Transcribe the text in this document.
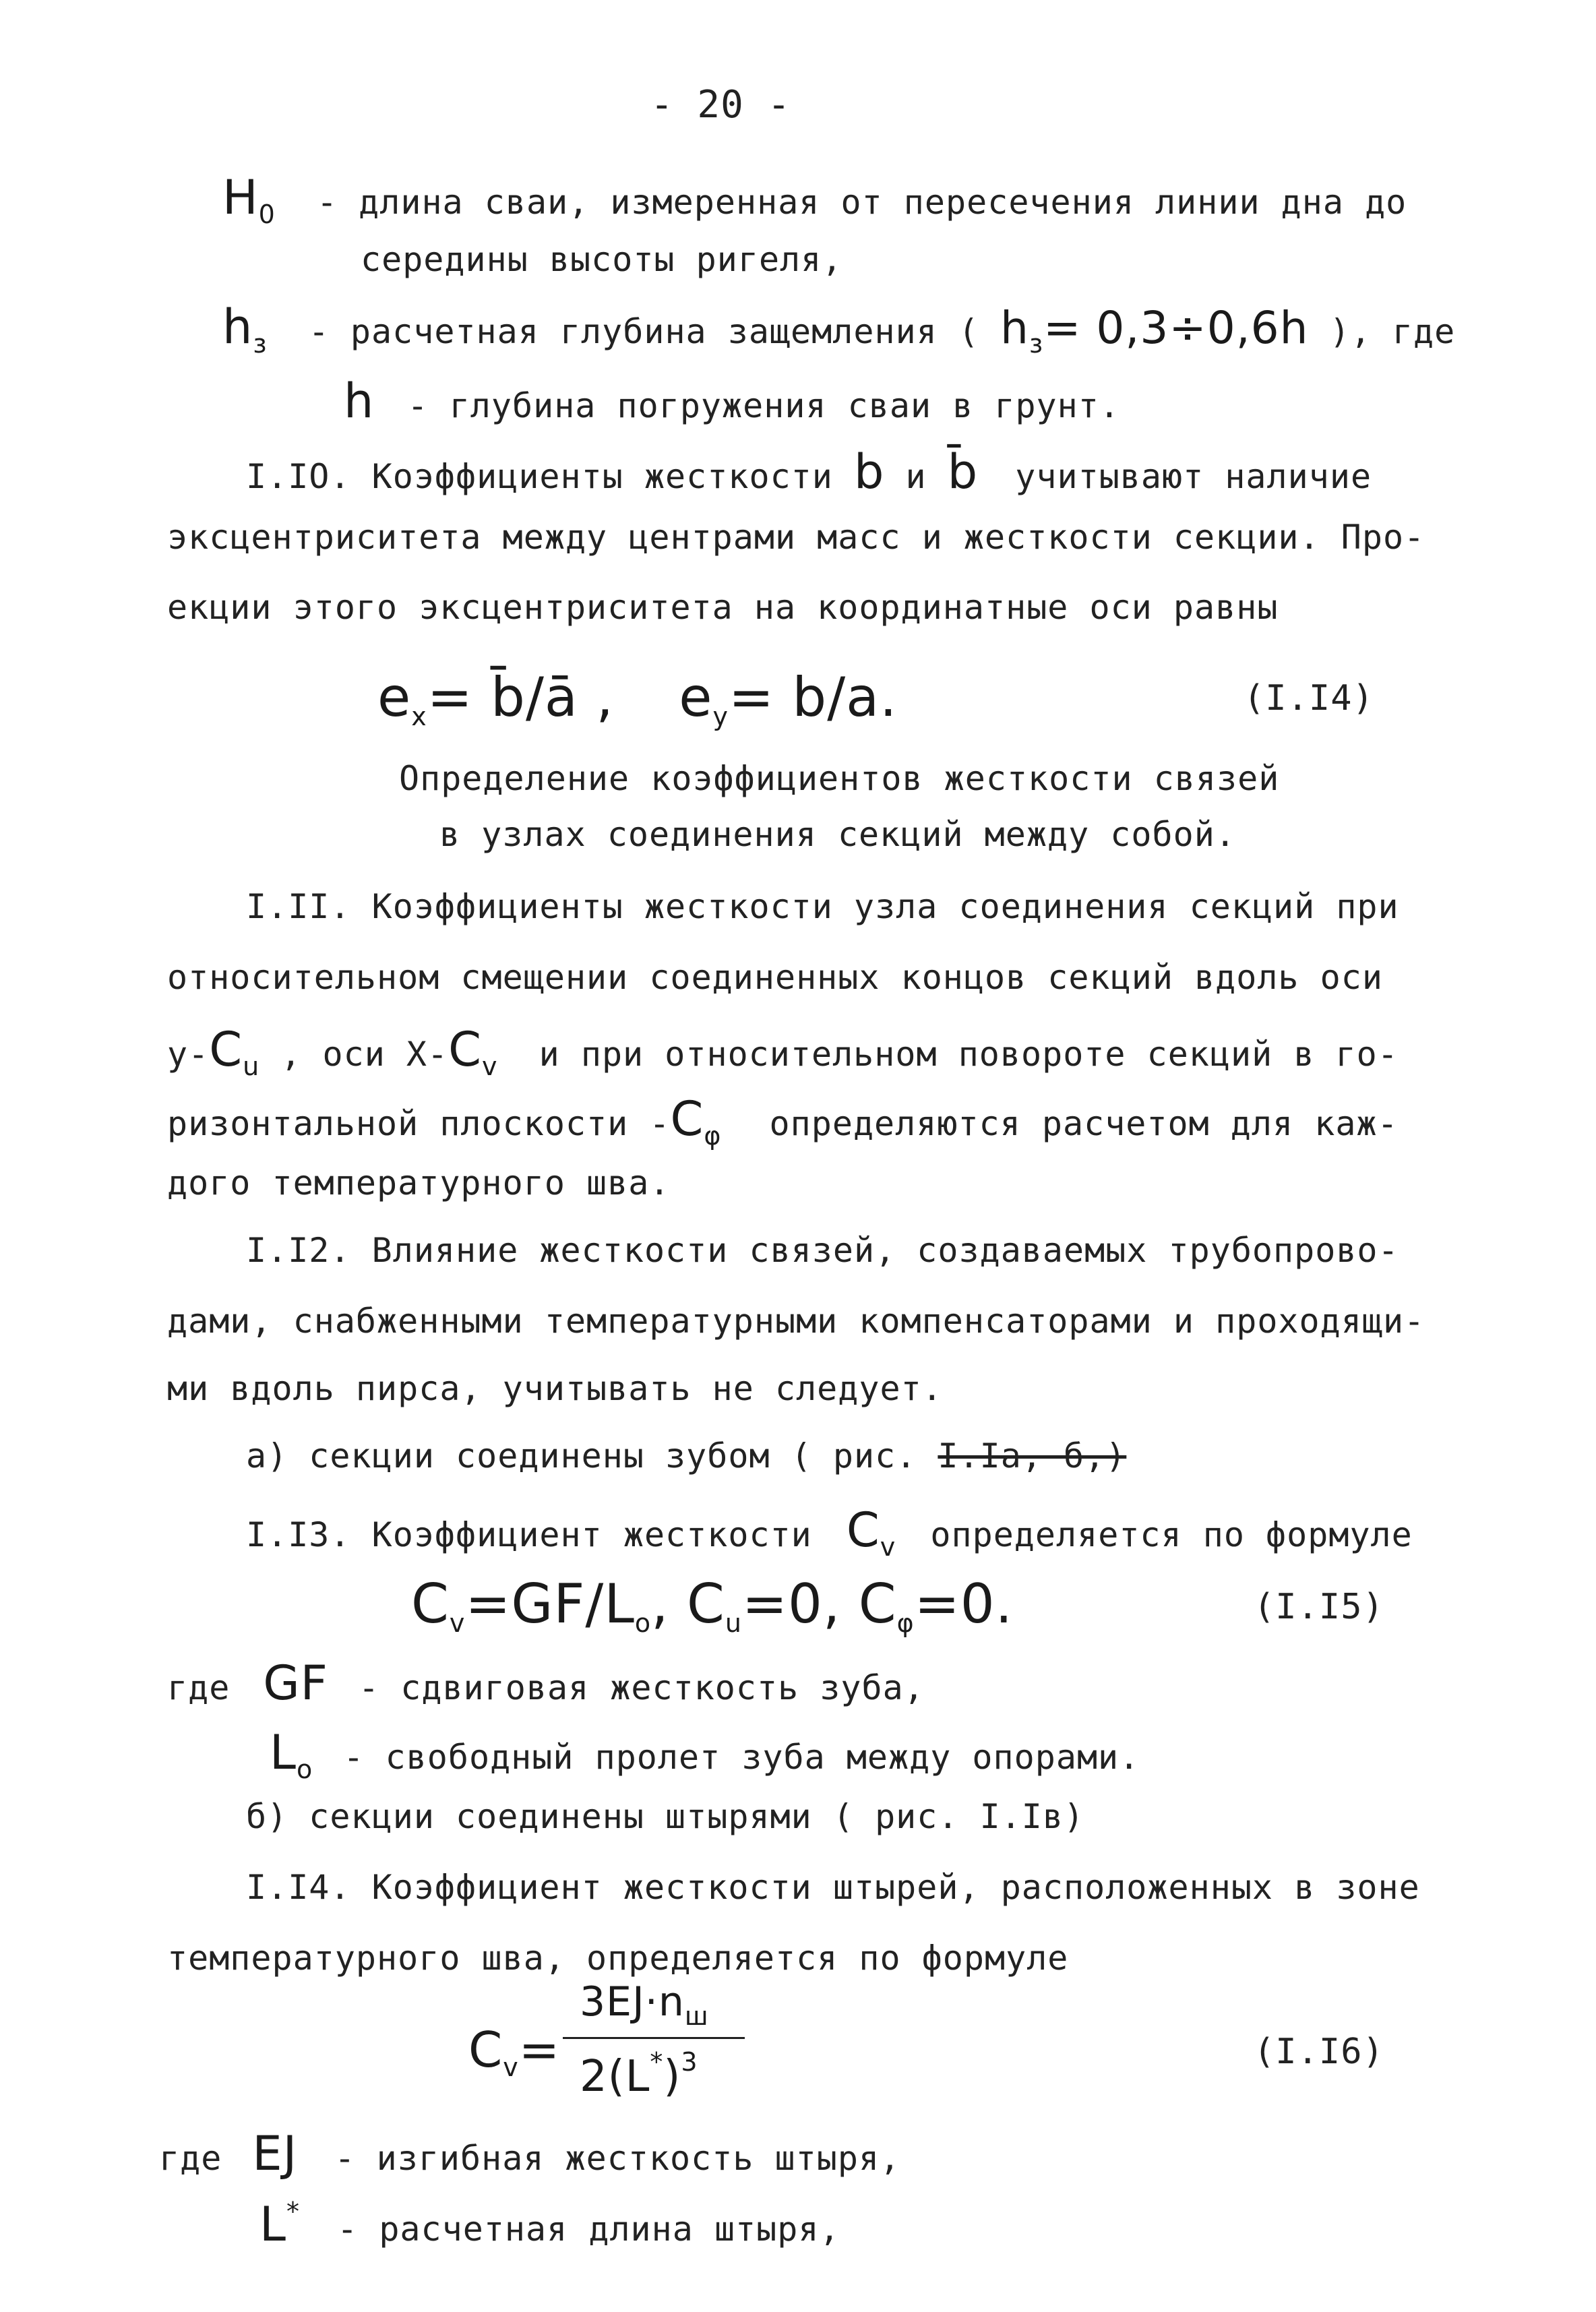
- 20 -
$H_0$ - длина сваи, измеренная от пересечения линии дна до
середины высоты ригеля,
$h_з$ - расчетная глубина защемления ( $h_з= 0,3\div 0,6h$ ), где
h - глубина погружения сваи в грунт.
I.IO. Коэффициенты жесткости b и b̄ учитывают наличие
эксцентриситета между центрами масс и жесткости секции. Про-
екции этого эксцентриситета на координатные оси равны
$e_x=$ b̄/ā , $e_y= b/a$.	(I.I4)
Определение коэффициентов жесткости связей
в узлах соединения секций между собой.
I.II. Коэффициенты жесткости узла соединения секций при
относительном смещении соединенных концов секций вдоль оси
$y-C_u$ , оси $X-C_v$ и при относительном повороте секций в го-
ризонтальной плоскости $-C_\varphi$ определяются расчетом для каж-
дого температурного шва.
I.I2. Влияние жесткости связей, создаваемых трубопрово-
дами, снабженными температурными компенсаторами и проходящи-
ми вдоль пирса, учитывать не следует.
а) секции соединены зубом ( рис. I.Iа, б,)
I.I3. Коэффициент жесткости $C_v$ определяется по формуле
$C_v=GF/L_o$, $C_u=0$, $C_\varphi=0$.	(I.I5)
где GF - сдвиговая жесткость зуба,
$L_o$ - свободный пролет зуба между опорами.
б) секции соединены штырями ( рис. I.Iв)
I.I4. Коэффициент жесткости штырей, расположенных в зоне
температурного шва, определяется по формуле
$C_v=$
$3EJ\cdot n_ш$
$2(L^*)^3$	(I.I6)
где EJ - изгибная жесткость штыря,
L* - расчетная длина штыря,
